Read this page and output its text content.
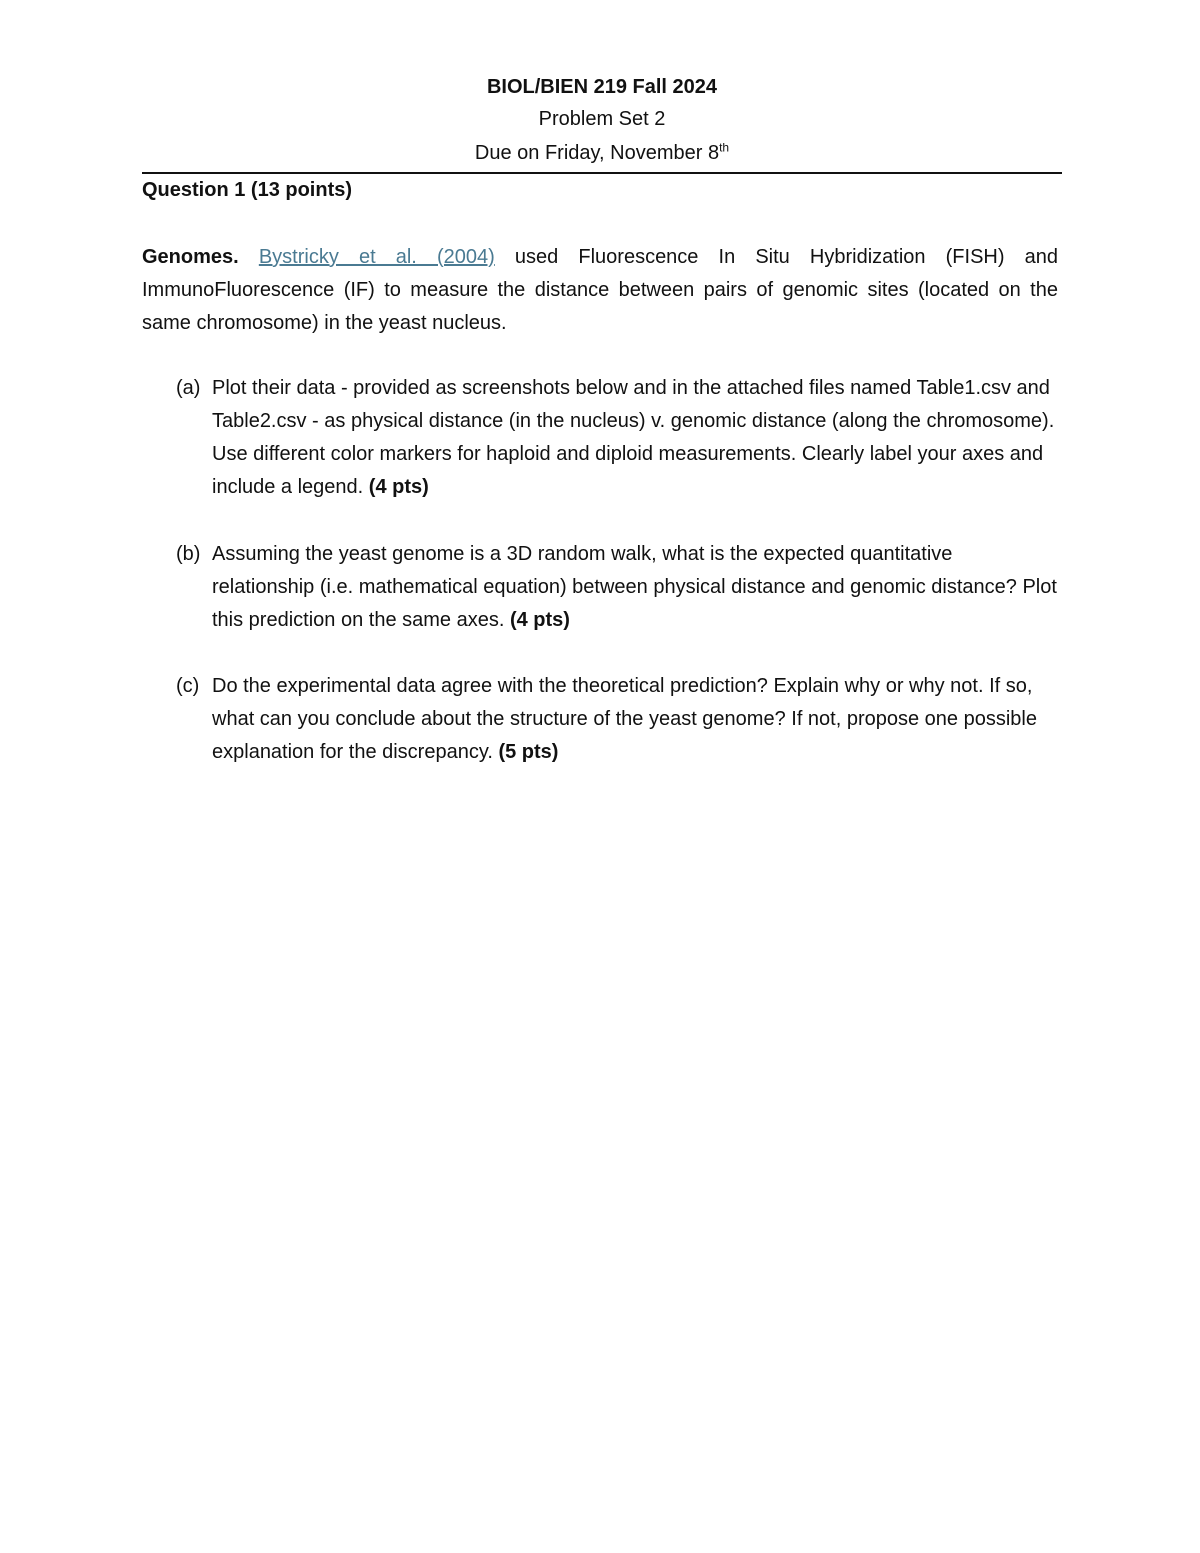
BIOL/BIEN 219 Fall 2024
Problem Set 2
Due on Friday, November 8th
Question 1 (13 points)
Genomes. Bystricky et al. (2004) used Fluorescence In Situ Hybridization (FISH) and ImmunoFluorescence (IF) to measure the distance between pairs of genomic sites (located on the same chromosome) in the yeast nucleus.
(a) Plot their data - provided as screenshots below and in the attached files named Table1.csv and Table2.csv - as physical distance (in the nucleus) v. genomic distance (along the chromosome). Use different color markers for haploid and diploid measurements. Clearly label your axes and include a legend. (4 pts)
(b) Assuming the yeast genome is a 3D random walk, what is the expected quantitative relationship (i.e. mathematical equation) between physical distance and genomic distance? Plot this prediction on the same axes. (4 pts)
(c) Do the experimental data agree with the theoretical prediction? Explain why or why not. If so, what can you conclude about the structure of the yeast genome? If not, propose one possible explanation for the discrepancy. (5 pts)
